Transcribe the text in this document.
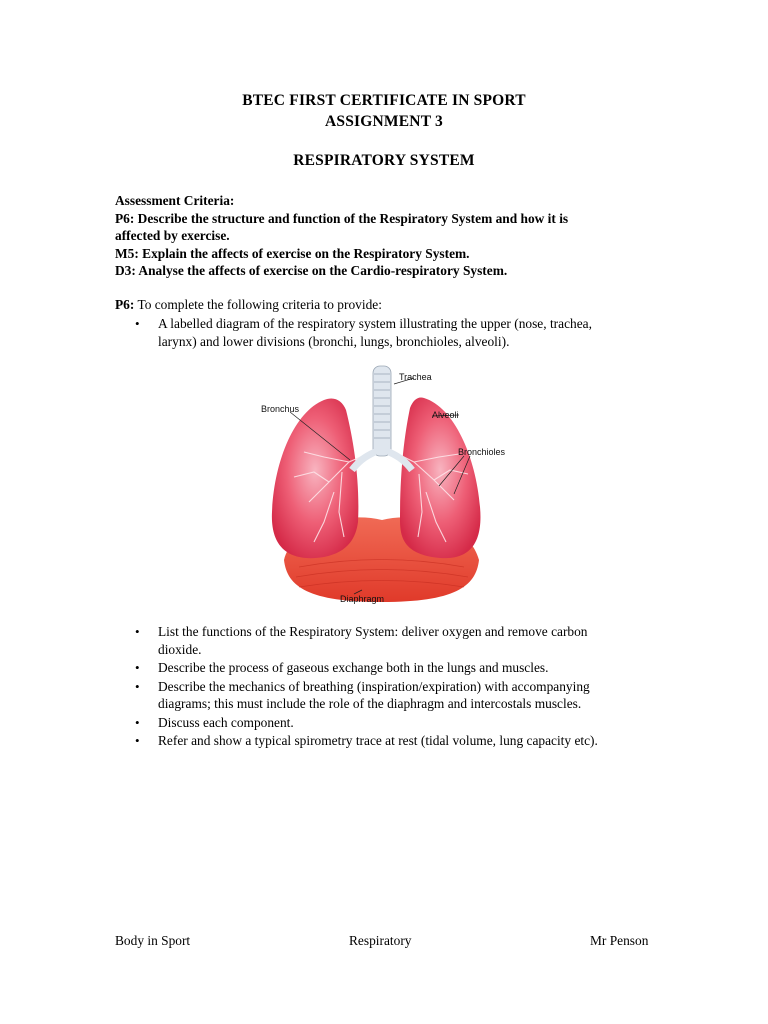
BTEC FIRST CERTIFICATE IN SPORT
ASSIGNMENT 3
RESPIRATORY SYSTEM
Assessment Criteria:
P6: Describe the structure and function of the Respiratory System and how it is
affected by exercise.
M5: Explain the affects of exercise on the Respiratory System.
D3: Analyse the affects of exercise on the Cardio-respiratory System.
P6: To complete the following criteria to provide:
• A labelled diagram of the respiratory system illustrating the upper (nose, trachea,
larynx) and lower divisions (bronchi, lungs, bronchioles, alveoli).
Trachea
Bronchus
Alveoli
Bronchioles
Diaphragm
• List the functions of the Respiratory System: deliver oxygen and remove carbon
dioxide.
• Describe the process of gaseous exchange both in the lungs and muscles.
• Describe the mechanics of breathing (inspiration/expiration) with accompanying
diagrams; this must include the role of the diaphragm and intercostals muscles.
• Discuss each component.
• Refer and show a typical spirometry trace at rest (tidal volume, lung capacity etc).
Body in Sport	Respiratory	Mr Penson
